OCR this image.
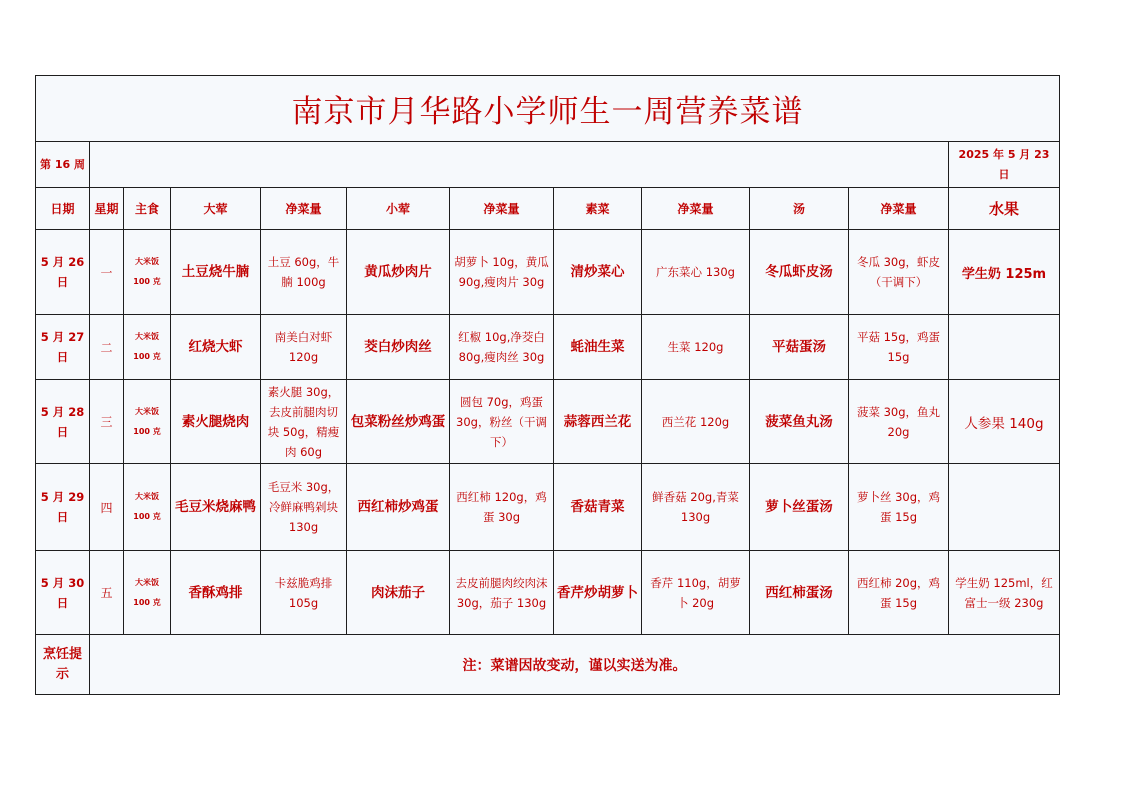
南京市月华路小学师生一周营养菜谱											
第 16 周											2025 年 5 月 23 日
日期	星期	主食	大荤	净菜量	小荤	净菜量	素菜	净菜量	汤	净菜量	水果
5 月 26 日	一	大米饭 100 克	土豆烧牛腩	土豆 60g，牛腩 100g	黄瓜炒肉片	胡萝卜 10g，黄瓜 90g,瘦肉片 30g	清炒菜心	广东菜心 130g	冬瓜虾皮汤	冬瓜 30g，虾皮（干调下）	学生奶 125m
5 月 27 日	二	大米饭 100 克	红烧大虾	南美白对虾 120g	茭白炒肉丝	红椒 10g,净茭白 80g,瘦肉丝 30g	蚝油生菜	生菜 120g	平菇蛋汤	平菇 15g，鸡蛋 15g	
5 月 28 日	三	大米饭 100 克	素火腿烧肉	素火腿 30g，去皮前腿肉切块 50g，精瘦肉 60g	包菜粉丝炒鸡蛋	圆包 70g，鸡蛋 30g，粉丝（干调下）	蒜蓉西兰花	西兰花 120g	菠菜鱼丸汤	菠菜 30g，鱼丸 20g	人参果 140g
5 月 29 日	四	大米饭 100 克	毛豆米烧麻鸭	毛豆米 30g，冷鲜麻鸭剁块 130g	西红柿炒鸡蛋	西红柿 120g，鸡蛋 30g	香菇青菜	鲜香菇 20g,青菜 130g	萝卜丝蛋汤	萝卜丝 30g，鸡蛋 15g	
5 月 30 日	五	大米饭 100 克	香酥鸡排	卡兹脆鸡排 105g	肉沫茄子	去皮前腿肉绞肉沫 30g，茄子 130g	香芹炒胡萝卜	香芹 110g，胡萝卜 20g	西红柿蛋汤	西红柿 20g，鸡蛋 15g	学生奶 125ml，红富士一级 230g
烹饪提示	注：菜谱因故变动，谨以实送为准。										
